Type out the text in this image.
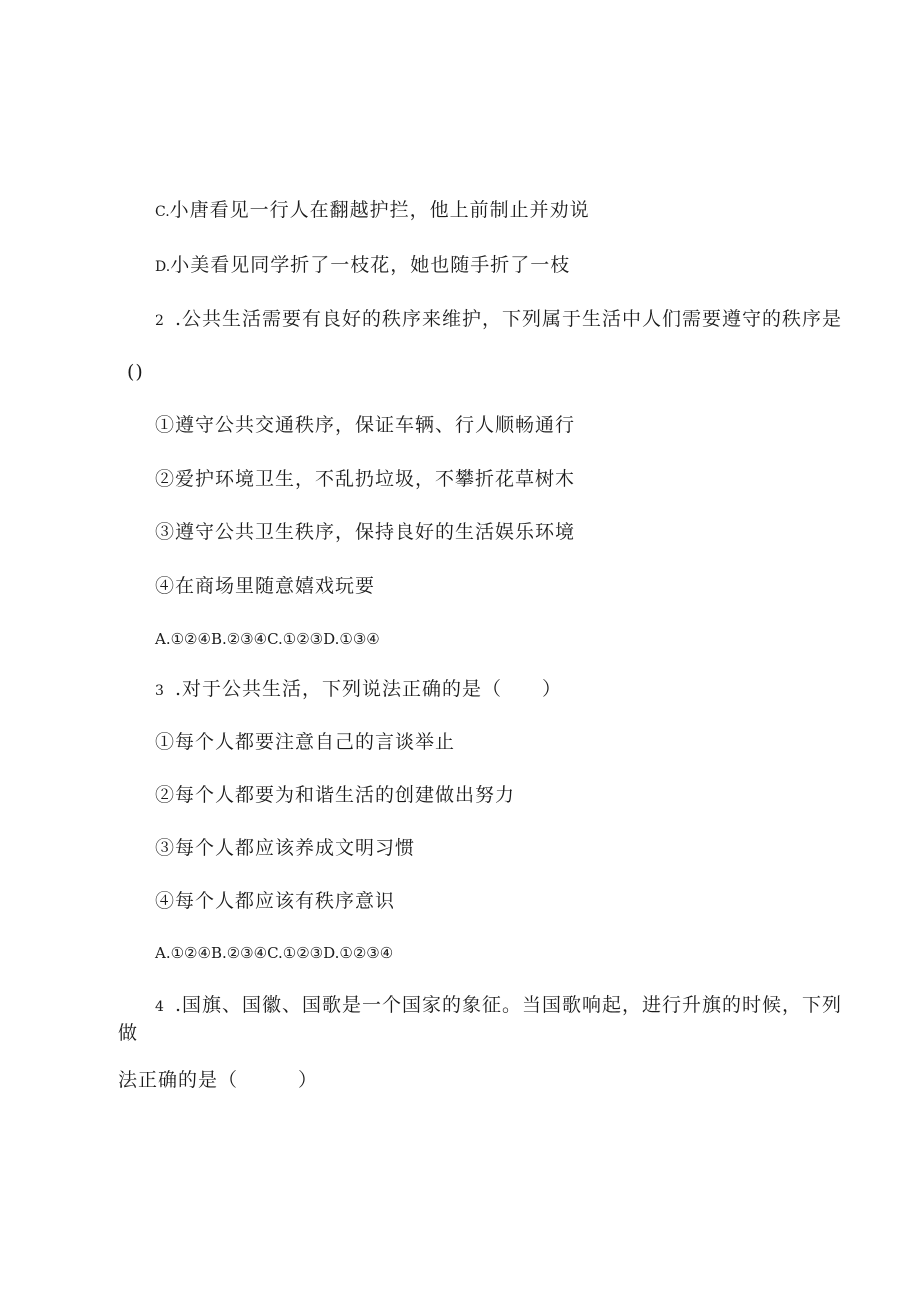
C.小唐看见一行人在翻越护拦，他上前制止并劝说
D.小美看见同学折了一枝花，她也随手折了一枝
2 .公共生活需要有良好的秩序来维护，下列属于生活中人们需要遵守的秩序是
()
①遵守公共交通秩序，保证车辆、行人顺畅通行
②爱护环境卫生，不乱扔垃圾，不攀折花草树木
③遵守公共卫生秩序，保持良好的生活娱乐环境
④在商场里随意嬉戏玩要
A.①②④B.②③④C.①②③D.①③④
3 .对于公共生活，下列说法正确的是（　　）
①每个人都要注意自己的言谈举止
②每个人都要为和谐生活的创建做出努力
③每个人都应该养成文明习惯
④每个人都应该有秩序意识
A.①②④B.②③④C.①②③D.①②③④
4 .国旗、国徽、国歌是一个国家的象征。当国歌响起，进行升旗的时候，下列
做
法正确的是（　　　）
